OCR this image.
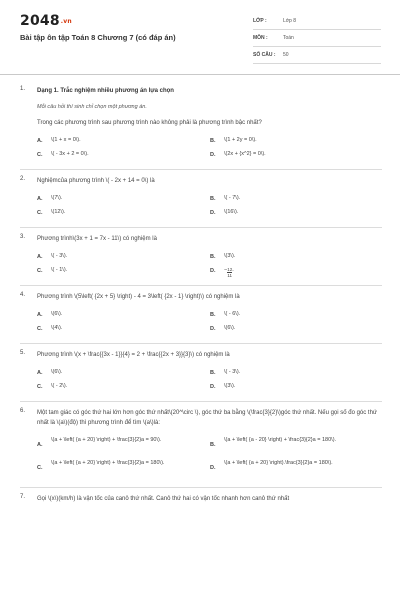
2048.vn
Bài tập ôn tập Toán 8 Chương 7 (có đáp án)
LỚP :	Lớp 8
MÔN :	Toán
SỐ CÂU :	50
1. Dạng 1. Trắc nghiệm nhiều phương án lựa chọn
Mỗi câu hỏi thí sinh chỉ chọn một phương án.
Trong các phương trình sau phương trình nào không phải là phương trình bậc nhất?
A.	\(1 + x = 0\).	B.	\(1 + 2y = 0\).
C.	\( - 3x + 2 = 0\).	D.	\(2x + {x^2} = 0\).
2. Nghiệmcủa phương trình \( - 2x + 14 = 0\) là
A.	\(7\).	B.	\( - 7\).
C.	\(12\).	D.	\(16\).
3. Phương trình\(3x + 1 = 7x - 11\) có nghiệm là
A.	\( - 3\).	B.	\(3\).
C.	\( - 1\).	D.	− $\frac{12}{11}$ .
4. Phương trình \(5\left( {2x + 5} \right) - 4 = 3\left( {2x - 1} \right)\) có nghiệm là
A.	\(6\).	B.	\( - 6\).
C.	\(4\).	D.	\(6\).
5. Phương trình \(x + \frac{{3x - 1}}{4} = 2 + \frac{{2x + 3}}{3}\) có nghiệm là
A.	\(6\).	B.	\( - 3\).
C.	\( - 2\).	D.	\(3\).
6. Một tam giác có góc thứ hai lớn hơn góc thứ nhất\(20^\circ \), góc thứ ba bằng \(\frac{3}{2}\)góc thứ nhất. Nếu gọi số đo góc thứ nhất là \(a\)(độ) thì phương trình để tìm \(a\)là:
A.
\(a + \left( {a + 20} \right) + \frac{3}{2}a = 90\).
B.
\(a + \left( {a - 20} \right) + \frac{3}{2}a = 180\).
C.
\(a + \left( {a + 20} \right) + \frac{3}{2}a = 180\).
D.
\(a + \left( {a + 20} \right).\frac{3}{2}a = 180\).
7. Gọi \(x\)(km/h) là vận tốc của canô thứ nhất. Canô thứ hai có vận tốc nhanh hơn canô thứ nhất
